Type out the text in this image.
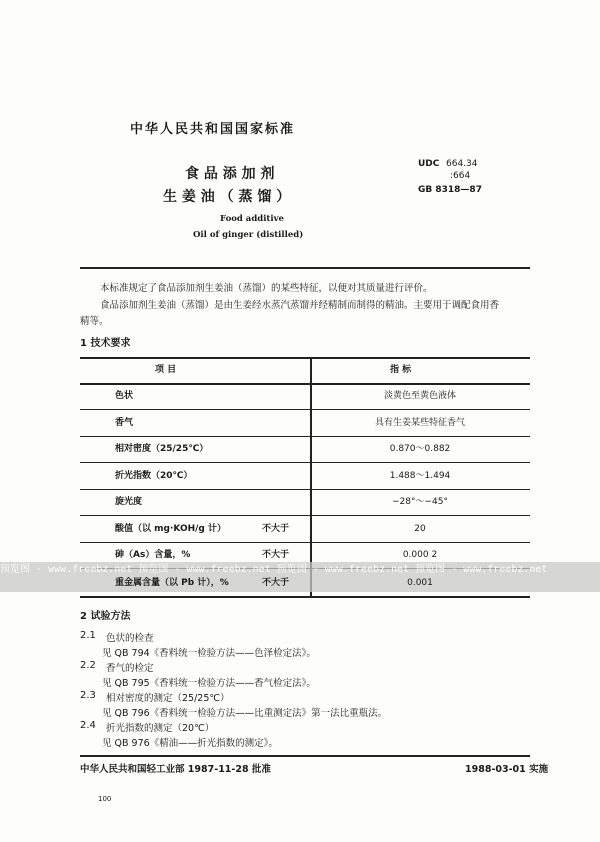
中华人民共和国国家标准
食 品 添 加 剂
生 姜 油 （ 蒸 馏 ）
Food additive
Oil of ginger (distilled)
UDC 664.34
:664
GB 8318—87
本标准规定了食品添加剂生姜油（蒸馏）的某些特征，以便对其质量进行评价。
食品添加剂生姜油（蒸馏）是由生姜经水蒸汽蒸馏并经精制而制得的精油。主要用于调配食用香
精等。
1 技术要求
项 目	指 标
色状	淡黄色至黄色液体
香气	具有生姜某些特征香气
相对密度（25/25℃）	0.870～0.882
折光指数（20℃）	1.488～1.494
旋光度	−28°～−45°
酸值（以 mg·KOH/g 计）	不大于	20
砷（As）含量，%	不大于	0.000 2
重金属含量（以 Pb 计），%	不大于	0.001
预览图 - www.freebz.net 预览图 - www.freebz.net 预览图 - www.freebz.net 预览图 - www.freebz.net
2 试验方法
2.1 色状的检查
见 QB 794《香料统一检验方法——色泽检定法》。
2.2 香气的检定
见 QB 795《香料统一检验方法——香气检定法》。
2.3 相对密度的测定（25/25℃）
见 QB 796《香料统一检验方法——比重测定法》第一法比重瓶法。
2.4 折光指数的测定（20℃）
见 QB 976《精油——折光指数的测定》。
中华人民共和国轻工业部 1987-11-28 批准	1988-03-01 实施
100
